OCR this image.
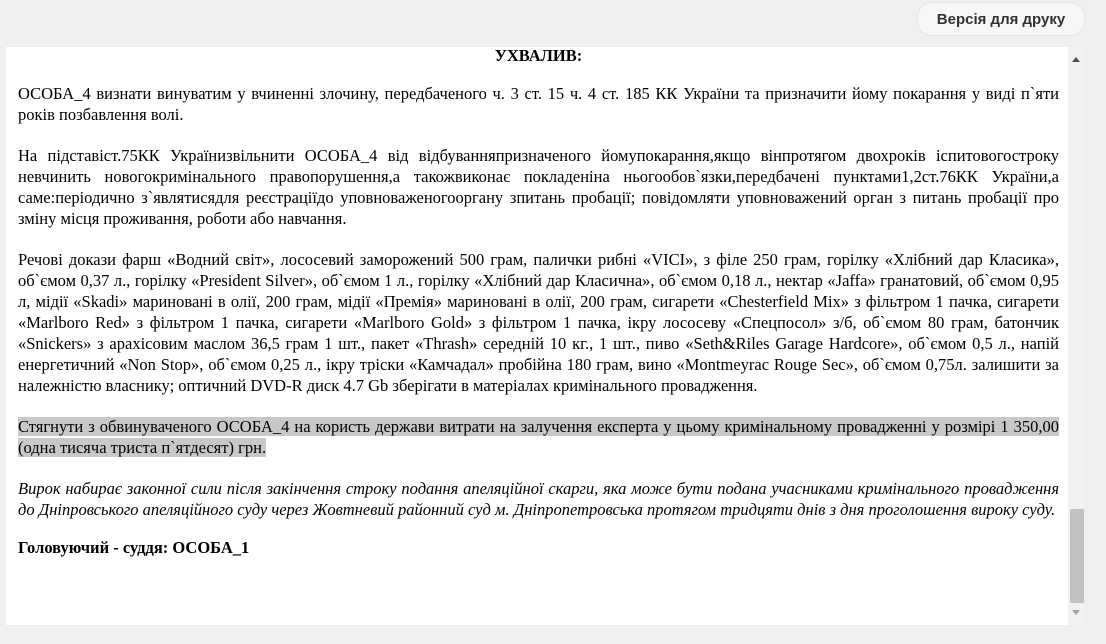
Версія для друку
УХВАЛИВ:

ОСОБА_4 визнати винуватим у вчиненні злочину, передбаченого ч. 3 ст. 15 ч. 4 ст. 185 КК України та призначити йому покарання у виді п`яти років позбавлення волі.

На підставіст.75КК Українизвільнити ОСОБА_4 від відбуванняпризначеного йомупокарання,якщо вінпротягом двохроків іспитовогостроку невчинить новогокримінального правопорушення,а такожвиконає покладеніна ньогообов`язки,передбачені пунктами1,2ст.76КК України,а саме:періодично з`являтисядля реєстраціїдо уповноваженогооргану зпитань пробації; повідомляти уповноважений орган з питань пробації про зміну місця проживання, роботи або навчання.

Речові докази фарш «Водний світ», лососевий заморожений 500 грам, палички рибні «VICI», з філе 250 грам, горілку «Хлібний дар Класика», об`ємом 0,37 л., горілку «President Silver», об`ємом 1 л., горілку «Хлібний дар Класична», об`ємом 0,18 л., нектар «Jaffa» гранатовий, об`ємом 0,95 л, мідії «Skadi» мариновані в олії, 200 грам, мідії «Премія» мариновані в олії, 200 грам, сигарети «Chesterfield Mix» з фільтром 1 пачка, сигарети «Marlboro Red» з фільтром 1 пачка, сигарети «Marlboro Gold» з фільтром 1 пачка, ікру лососеву «Спецпосол» з/б, об`ємом 80 грам, батончик «Snickers» з арахісовим маслом 36,5 грам 1 шт., пакет «Thrash» середній 10 кг., 1 шт., пиво «Seth&Riles Garage Hardcore», об`ємом 0,5 л., напій енергетичний «Non Stop», об`ємом 0,25 л., ікру тріски «Камчадал» пробійна 180 грам, вино «Montmeyrac Rouge Sec», об`ємом 0,75л. залишити за належністю власнику; оптичний DVD-R диск 4.7 Gb зберігати в матеріалах кримінального провадження.

Стягнути з обвинуваченого ОСОБА_4 на користь держави витрати на залучення експерта у цьому кримінальному провадженні у розмірі 1 350,00 (одна тисяча триста п`ятдесят) грн.

Вирок набирає законної сили після закінчення строку подання апеляційної скарги, яка може бути подана учасниками кримінального провадження до Дніпровського апеляційного суду через Жовтневий районний суд м. Дніпропетровська протягом тридцяти днів з дня проголошення вироку суду.

Головуючий - суддя: ОСОБА_1
